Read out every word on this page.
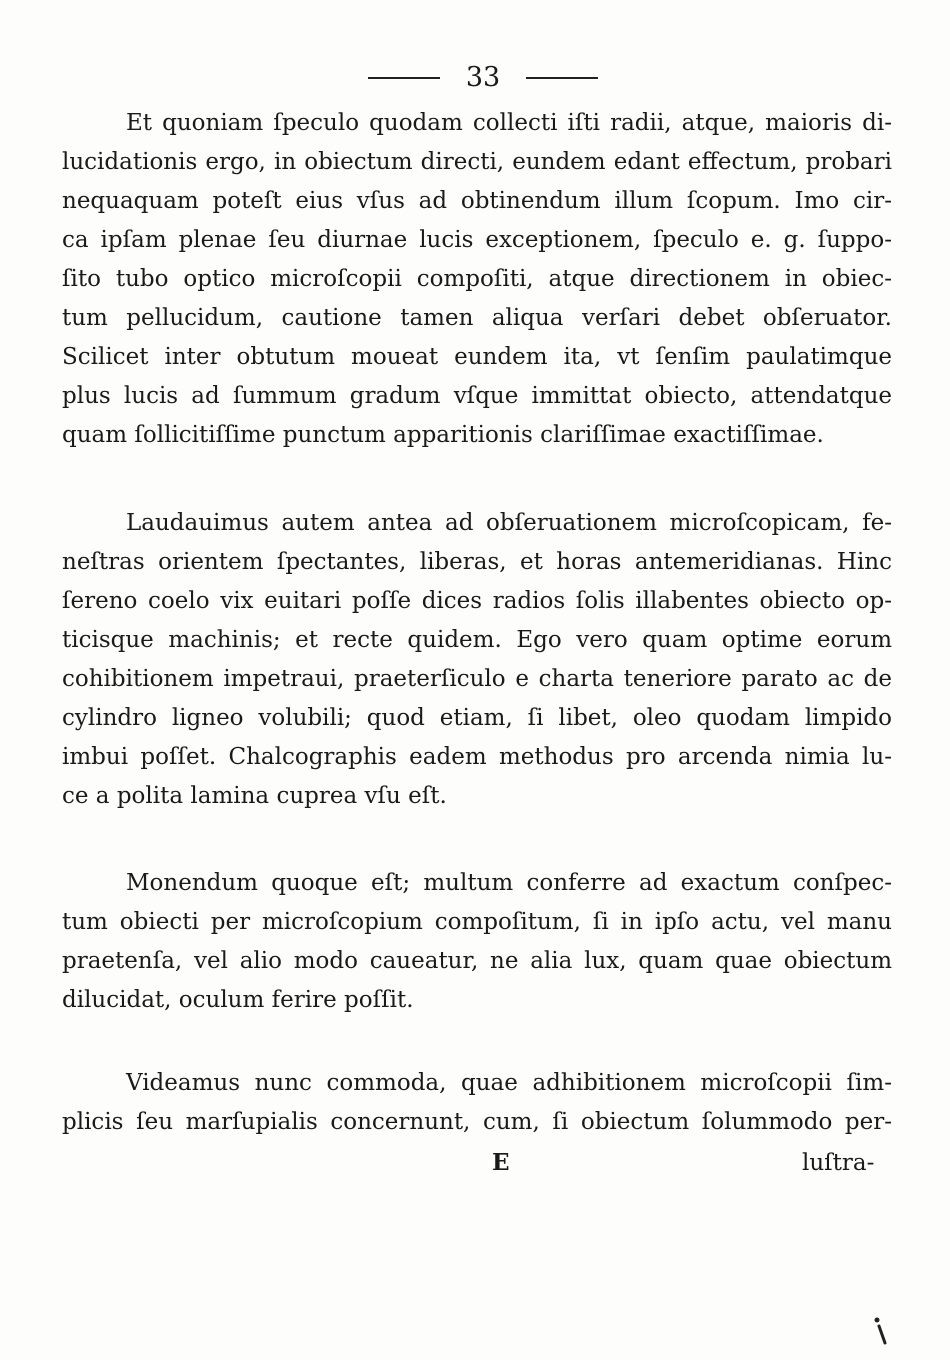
33
Et quoniam ſpeculo quodam collecti iſti radii, atque, maioris di-
lucidationis ergo, in obiectum directi, eundem edant effectum, probari
nequaquam poteſt eius vſus ad obtinendum illum ſcopum. Imo cir-
ca ipſam plenae ſeu diurnae lucis exceptionem, ſpeculo e. g. ſuppo-
ſito tubo optico microſcopii compoſiti, atque directionem in obiec-
tum pellucidum, cautione tamen aliqua verſari debet obſeruator.
Scilicet inter obtutum moueat eundem ita, vt ſenſim paulatimque
plus lucis ad ſummum gradum vſque immittat obiecto, attendatque
quam ſollicitiſſime punctum apparitionis clariſſimae exactiſſimae.
Laudauimus autem antea ad obſeruationem microſcopicam, fe-
neſtras orientem ſpectantes, liberas, et horas antemeridianas. Hinc
ſereno coelo vix euitari poſſe dices radios ſolis illabentes obiecto op-
ticisque machinis; et recte quidem. Ego vero quam optime eorum
cohibitionem impetraui, praeterſiculo e charta teneriore parato ac de
cylindro ligneo volubili; quod etiam, ſi libet, oleo quodam limpido
imbui poſſet. Chalcographis eadem methodus pro arcenda nimia lu-
ce a polita lamina cuprea vſu eſt.
Monendum quoque eſt; multum conferre ad exactum conſpec-
tum obiecti per microſcopium compoſitum, ſi in ipſo actu, vel manu
praetenſa, vel alio modo caueatur, ne alia lux, quam quae obiectum
dilucidat, oculum ferire poſſit.
Videamus nunc commoda, quae adhibitionem microſcopii ſim-
plicis ſeu marſupialis concernunt, cum, ſi obiectum ſolummodo per-
E	luſtra-
